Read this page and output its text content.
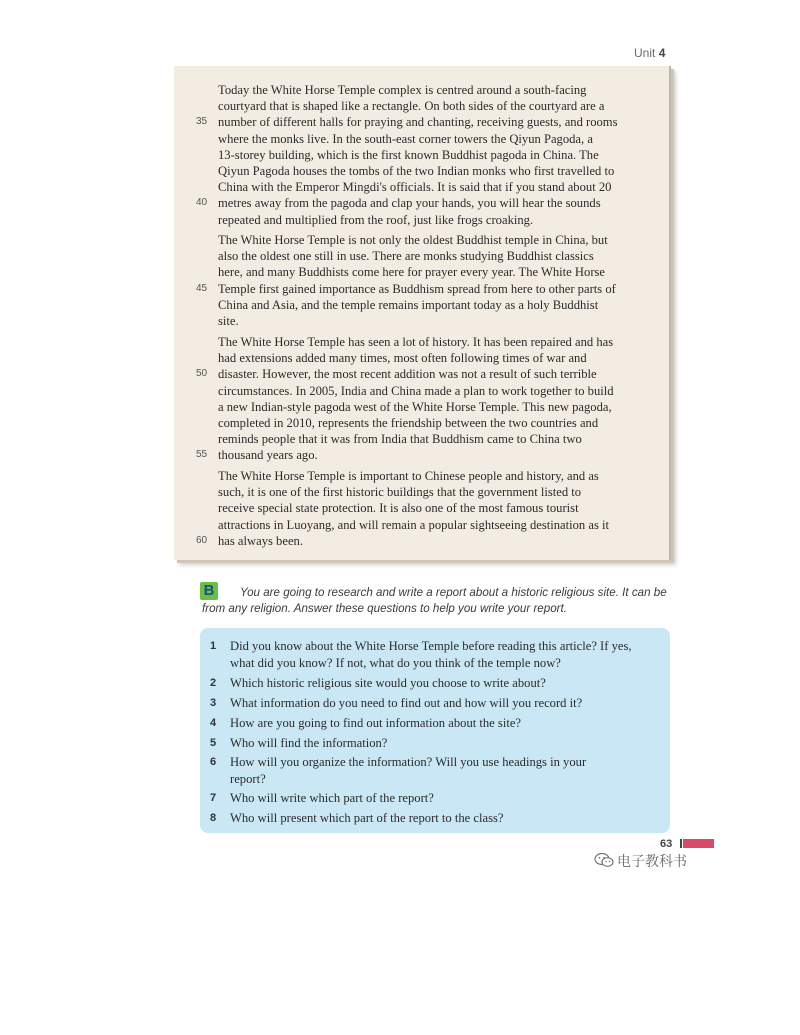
Unit 4
Today the White Horse Temple complex is centred around a south-facing
courtyard that is shaped like a rectangle. On both sides of the courtyard are a
35 number of different halls for praying and chanting, receiving guests, and rooms
where the monks live. In the south-east corner towers the Qiyun Pagoda, a
13-storey building, which is the first known Buddhist pagoda in China. The
Qiyun Pagoda houses the tombs of the two Indian monks who first travelled to
China with the Emperor Mingdi's officials. It is said that if you stand about 20
40 metres away from the pagoda and clap your hands, you will hear the sounds
repeated and multiplied from the roof, just like frogs croaking.
The White Horse Temple is not only the oldest Buddhist temple in China, but
also the oldest one still in use. There are monks studying Buddhist classics
here, and many Buddhists come here for prayer every year. The White Horse
45 Temple first gained importance as Buddhism spread from here to other parts of
China and Asia, and the temple remains important today as a holy Buddhist
site.
The White Horse Temple has seen a lot of history. It has been repaired and has
had extensions added many times, most often following times of war and
50 disaster. However, the most recent addition was not a result of such terrible
circumstances. In 2005, India and China made a plan to work together to build
a new Indian-style pagoda west of the White Horse Temple. This new pagoda,
completed in 2010, represents the friendship between the two countries and
reminds people that it was from India that Buddhism came to China two
55 thousand years ago.
The White Horse Temple is important to Chinese people and history, and as
such, it is one of the first historic buildings that the government listed to
receive special state protection. It is also one of the most famous tourist
attractions in Luoyang, and will remain a popular sightseeing destination as it
60 has always been.
B	You are going to research and write a report about a historic religious site. It can be
from any religion. Answer these questions to help you write your report.
1 Did you know about the White Horse Temple before reading this article? If yes,
what did you know? If not, what do you think of the temple now?
2 Which historic religious site would you choose to write about?
3 What information do you need to find out and how will you record it?
4 How are you going to find out information about the site?
5 Who will find the information?
6 How will you organize the information? Will you use headings in your
report?
7 Who will write which part of the report?
8 Who will present which part of the report to the class?
63
电子教科书
